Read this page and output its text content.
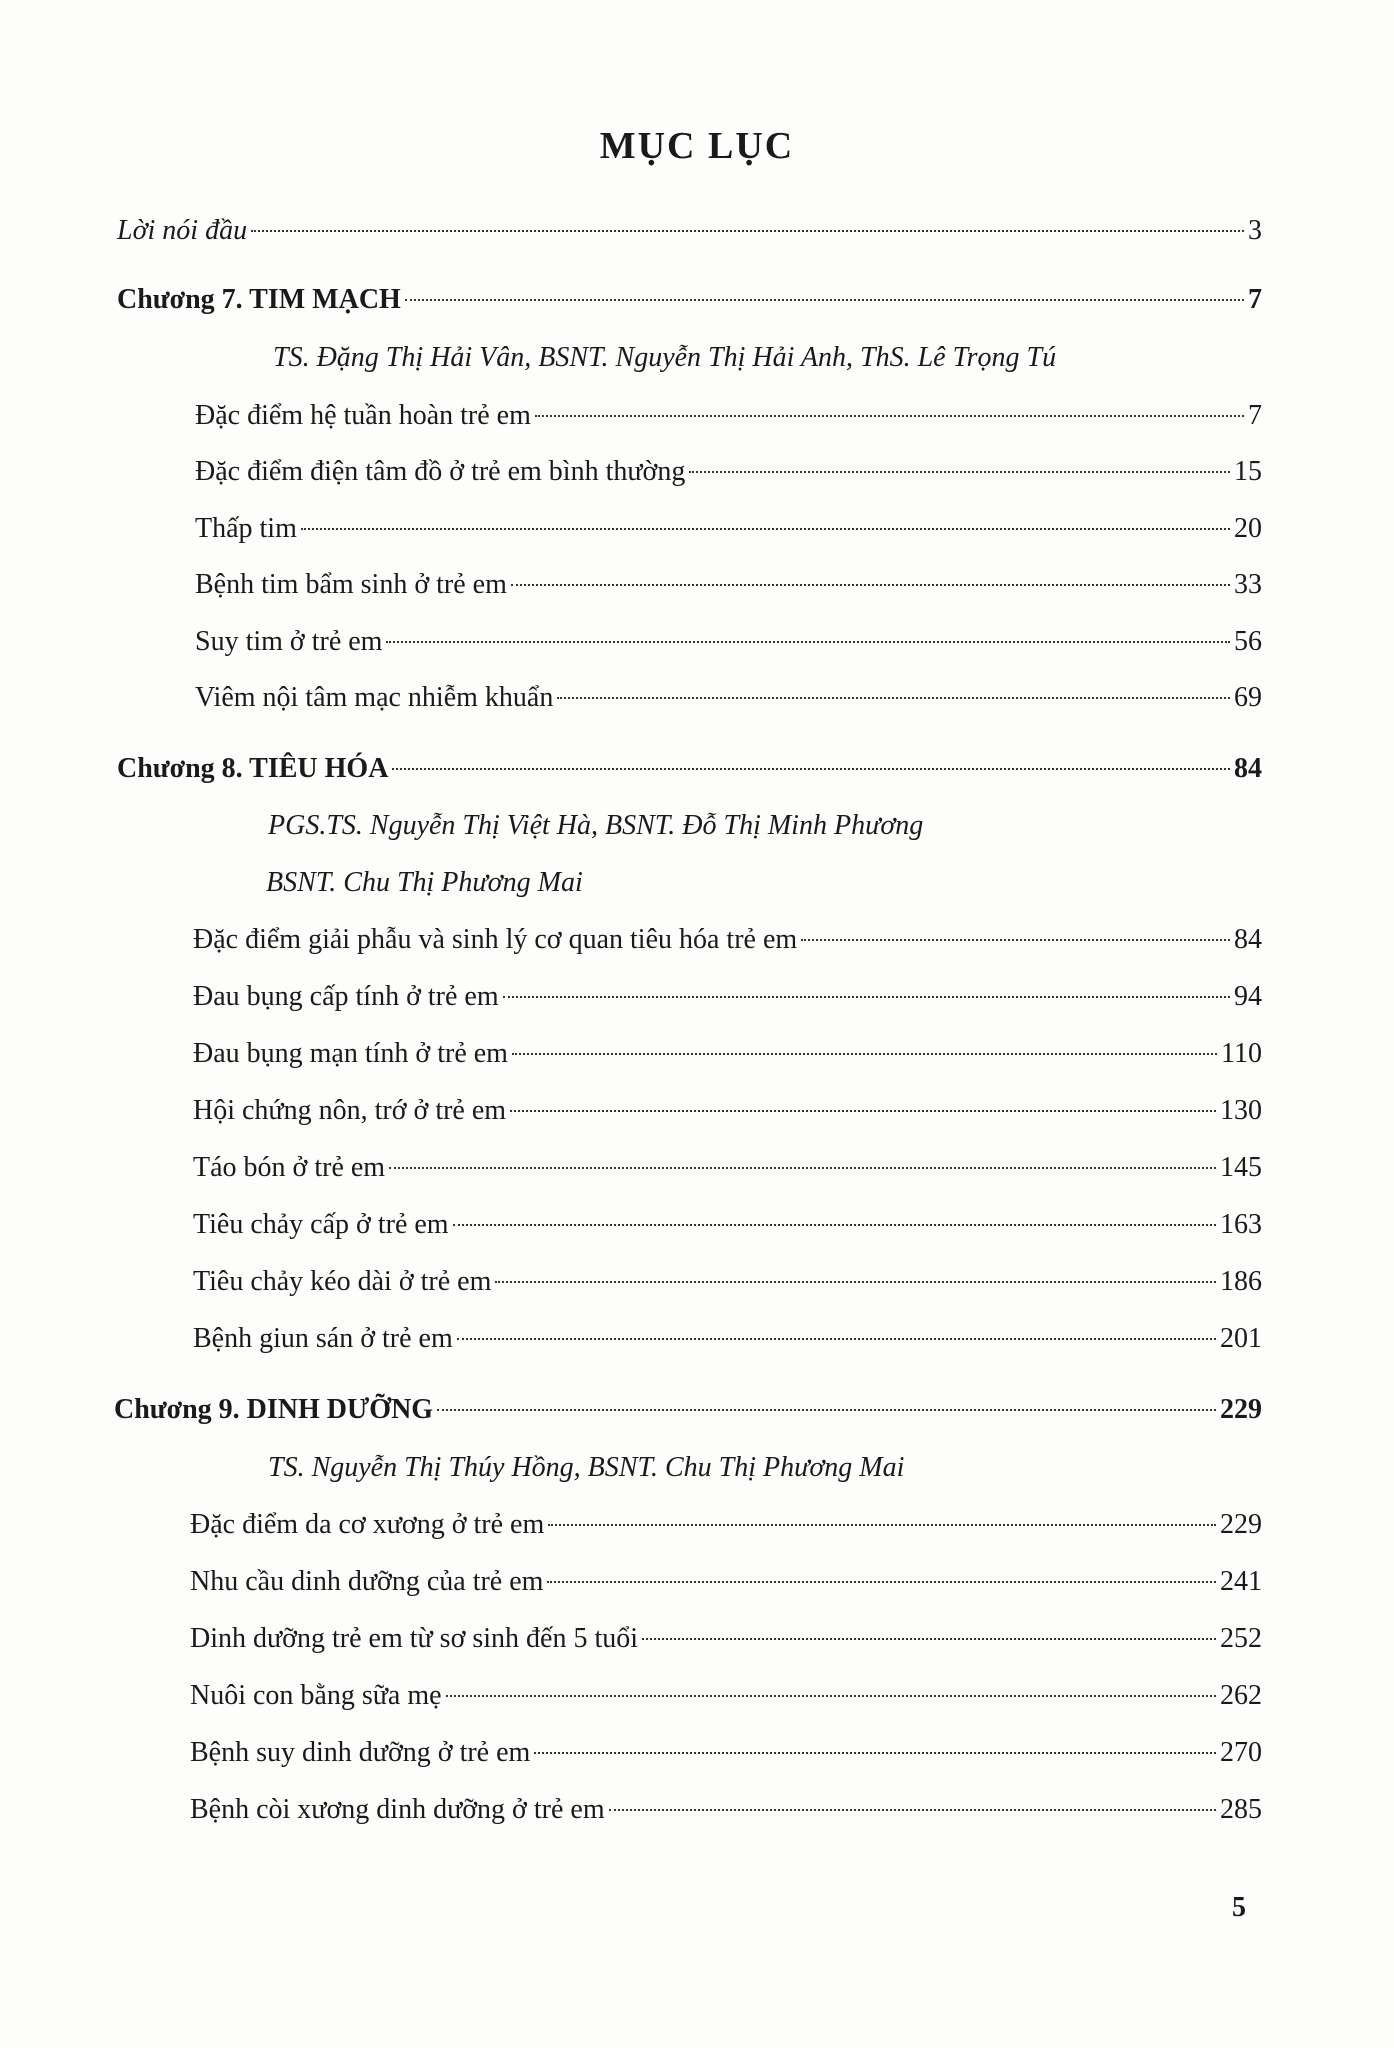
MỤC LỤC
Lời nói đầu	3
Chương 7. TIM MẠCH	7
TS. Đặng Thị Hải Vân, BSNT. Nguyễn Thị Hải Anh, ThS. Lê Trọng Tú
Đặc điểm hệ tuần hoàn trẻ em	7
Đặc điểm điện tâm đồ ở trẻ em bình thường	15
Thấp tim	20
Bệnh tim bẩm sinh ở trẻ em	33
Suy tim ở trẻ em	56
Viêm nội tâm mạc nhiễm khuẩn	69
Chương 8. TIÊU HÓA	84
PGS.TS. Nguyễn Thị Việt Hà, BSNT. Đỗ Thị Minh Phương
BSNT. Chu Thị Phương Mai
Đặc điểm giải phẫu và sinh lý cơ quan tiêu hóa trẻ em	84
Đau bụng cấp tính ở trẻ em	94
Đau bụng mạn tính ở trẻ em	110
Hội chứng nôn, trớ ở trẻ em	130
Táo bón ở trẻ em	145
Tiêu chảy cấp ở trẻ em	163
Tiêu chảy kéo dài ở trẻ em	186
Bệnh giun sán ở trẻ em	201
Chương 9. DINH DƯỠNG	229
TS. Nguyễn Thị Thúy Hồng, BSNT. Chu Thị Phương Mai
Đặc điểm da cơ xương ở trẻ em	229
Nhu cầu dinh dưỡng của trẻ em	241
Dinh dưỡng trẻ em từ sơ sinh đến 5 tuổi	252
Nuôi con bằng sữa mẹ	262
Bệnh suy dinh dưỡng ở trẻ em	270
Bệnh còi xương dinh dưỡng ở trẻ em	285
5
